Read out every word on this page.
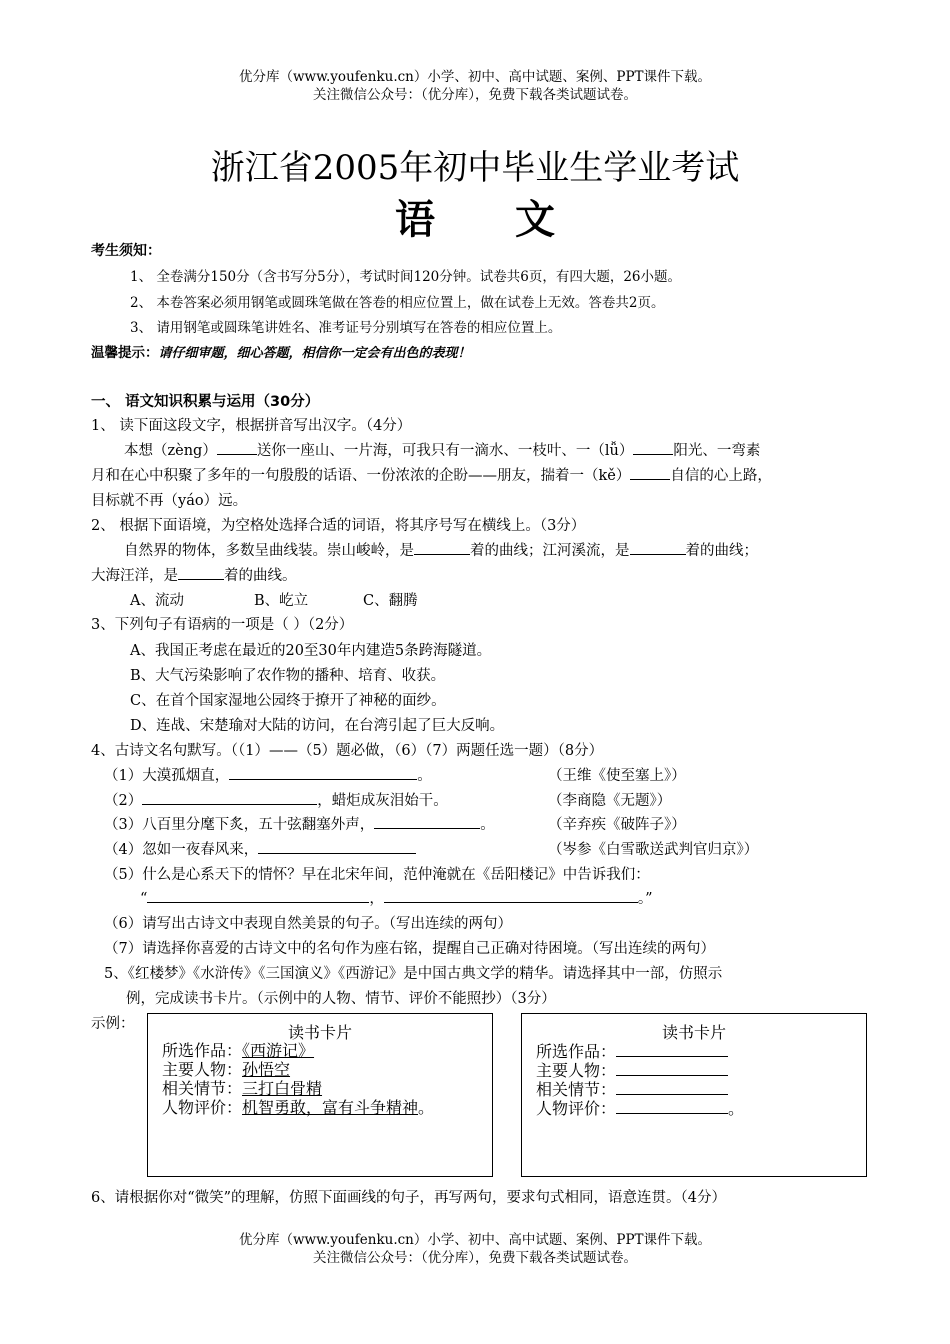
优分库（www.youfenku.cn）小学、初中、高中试题、案例、PPT课件下载。
关注微信公众号：（优分库），免费下载各类试题试卷。
浙江省2005年初中毕业生学业考试
语 文
考生须知：
1、 全卷满分150分（含书写分5分），考试时间120分钟。试卷共6页，有四大题，26小题。
2、 本卷答案必须用钢笔或圆珠笔做在答卷的相应位置上，做在试卷上无效。答卷共2页。
3、 请用钢笔或圆珠笔讲姓名、准考证号分别填写在答卷的相应位置上。
温馨提示：请仔细审题，细心答题，相信你一定会有出色的表现！
一、 语文知识积累与运用（30分）
1、 读下面这段文字，根据拼音写出汉字。（4分）
本想（zèng）	送你一座山、一片海，可我只有一滴水、一枝叶、一（lǚ）	阳光、一弯素
月和在心中积聚了多年的一句殷殷的话语、一份浓浓的企盼——朋友，揣着一（kě）	自信的心上路，
目标就不再（yáo）远。
2、 根据下面语境，为空格处选择合适的词语，将其序号写在横线上。（3分）
自然界的物体，多数呈曲线装。崇山峻岭，是	着的曲线；江河溪流，是	着的曲线；
大海汪洋，是	着的曲线。
A、流动	B、屹立	C、翻腾
3、下列句子有语病的一项是（ ）（2分）
A、我国正考虑在最近的20至30年内建造5条跨海隧道。
B、大气污染影响了农作物的播种、培育、收获。
C、在首个国家湿地公园终于撩开了神秘的面纱。
D、连战、宋楚瑜对大陆的访问，在台湾引起了巨大反响。
4、古诗文名句默写。（（1）——（5）题必做，（6）（7）两题任选一题）（8分）
（1）大漠孤烟直，	。	（王维《使至塞上》）
（2）	，蜡炬成灰泪始干。	（李商隐《无题》）
（3）八百里分麾下炙，五十弦翻塞外声，	。	（辛弃疾《破阵子》）
（4）忽如一夜春风来，	（岑参《白雪歌送武判官归京》）
（5）什么是心系天下的情怀？早在北宋年间，范仲淹就在《岳阳楼记》中告诉我们：
“	，	。”
（6）请写出古诗文中表现自然美景的句子。（写出连续的两句）
（7）请选择你喜爱的古诗文中的名句作为座右铭，提醒自己正确对待困境。（写出连续的两句）
5、《红楼梦》《水浒传》《三国演义》《西游记》是中国古典文学的精华。请选择其中一部，仿照示
例，完成读书卡片。（示例中的人物、情节、评价不能照抄）（3分）
示例：	读书卡片
所选作品：《西游记》
主要人物：孙悟空
相关情节：三打白骨精
人物评价：机智勇敢，富有斗争精神。
读书卡片
所选作品：
主要人物：
相关情节：
人物评价：	。
6、请根据你对“微笑”的理解，仿照下面画线的句子，再写两句，要求句式相同，语意连贯。（4分）
优分库（www.youfenku.cn）小学、初中、高中试题、案例、PPT课件下载。
关注微信公众号：（优分库），免费下载各类试题试卷。
